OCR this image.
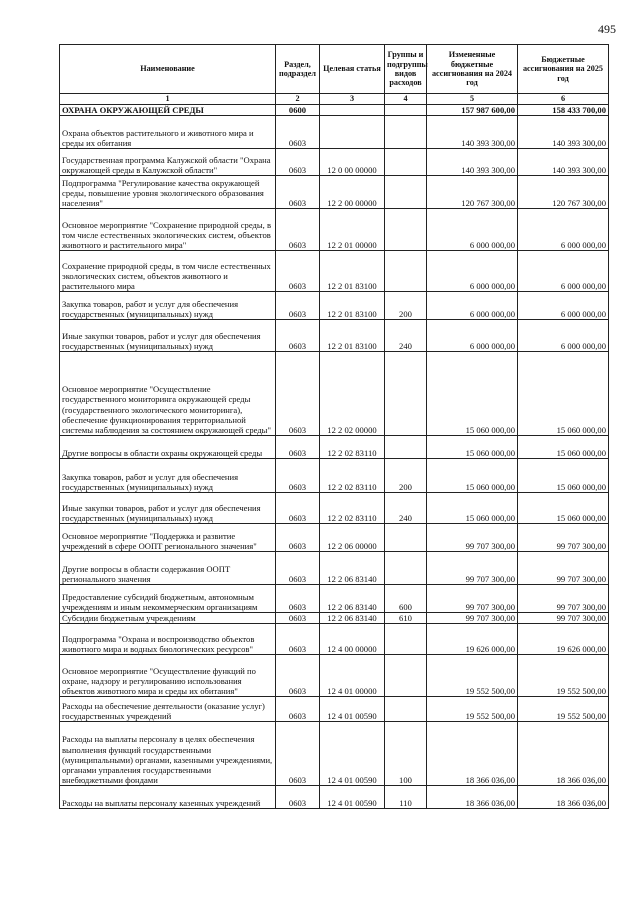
495
Наименование	Раздел, подраздел	Целевая статья	Группы и подгруппы видов расходов	Измененные бюджетные ассигнования на 2024 год	Бюджетные ассигнования на 2025 год
1	2	3	4	5	6
ОХРАНА ОКРУЖАЮЩЕЙ СРЕДЫ	0600			157 987 600,00	158 433 700,00
Охрана объектов растительного и животного мира и среды их обитания	0603			140 393 300,00	140 393 300,00
Государственная программа Калужской области "Охрана окружающей среды в Калужской области"	0603	12 0 00 00000		140 393 300,00	140 393 300,00
Подпрограмма "Регулирование качества окружающей среды, повышение уровня экологического образования населения"	0603	12 2 00 00000		120 767 300,00	120 767 300,00
Основное мероприятие "Сохранение природной среды, в том числе естественных экологических систем, объектов животного и растительного мира"	0603	12 2 01 00000		6 000 000,00	6 000 000,00
Сохранение природной среды, в том числе естественных экологических систем, объектов животного и растительного мира	0603	12 2 01 83100		6 000 000,00	6 000 000,00
Закупка товаров, работ и услуг для обеспечения государственных (муниципальных) нужд	0603	12 2 01 83100	200	6 000 000,00	6 000 000,00
Иные закупки товаров, работ и услуг для обеспечения государственных (муниципальных) нужд	0603	12 2 01 83100	240	6 000 000,00	6 000 000,00
Основное мероприятие "Осуществление государственного мониторинга окружающей среды (государственного экологического мониторинга), обеспечение функционирования территориальной системы наблюдения за состоянием окружающей среды"	0603	12 2 02 00000		15 060 000,00	15 060 000,00
Другие вопросы в области охраны окружающей среды	0603	12 2 02 83110		15 060 000,00	15 060 000,00
Закупка товаров, работ и услуг для обеспечения государственных (муниципальных) нужд	0603	12 2 02 83110	200	15 060 000,00	15 060 000,00
Иные закупки товаров, работ и услуг для обеспечения государственных (муниципальных) нужд	0603	12 2 02 83110	240	15 060 000,00	15 060 000,00
Основное мероприятие "Поддержка и развитие учреждений в сфере ООПТ регионального значения"	0603	12 2 06 00000		99 707 300,00	99 707 300,00
Другие вопросы в области содержания ООПТ регионального значения	0603	12 2 06 83140		99 707 300,00	99 707 300,00
Предоставление субсидий бюджетным, автономным учреждениям и иным некоммерческим организациям	0603	12 2 06 83140	600	99 707 300,00	99 707 300,00
Субсидии бюджетным учреждениям	0603	12 2 06 83140	610	99 707 300,00	99 707 300,00
Подпрограмма "Охрана и воспроизводство объектов животного мира и водных биологических ресурсов"	0603	12 4 00 00000		19 626 000,00	19 626 000,00
Основное мероприятие "Осуществление функций по охране, надзору и регулированию использования объектов животного мира и среды их обитания"	0603	12 4 01 00000		19 552 500,00	19 552 500,00
Расходы на обеспечение деятельности (оказание услуг) государственных учреждений	0603	12 4 01 00590		19 552 500,00	19 552 500,00
Расходы на выплаты персоналу в целях обеспечения выполнения функций государственными (муниципальными) органами, казенными учреждениями, органами управления государственными внебюджетными фондами	0603	12 4 01 00590	100	18 366 036,00	18 366 036,00
Расходы на выплаты персоналу казенных учреждений	0603	12 4 01 00590	110	18 366 036,00	18 366 036,00
